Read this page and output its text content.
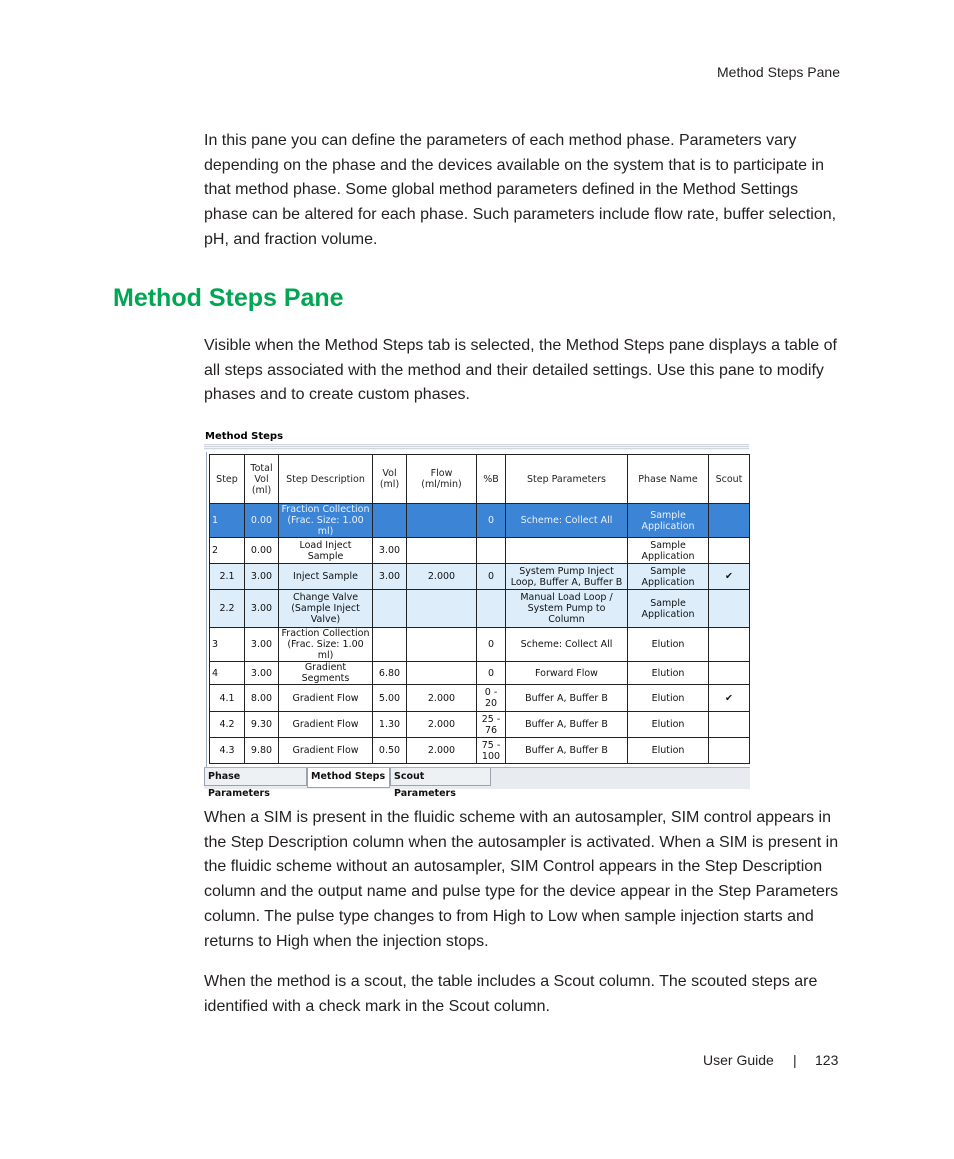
Method Steps Pane

In this pane you can define the parameters of each method phase. Parameters vary depending on the phase and the devices available on the system that is to participate in that method phase. Some global method parameters defined in the Method Settings phase can be altered for each phase. Such parameters include flow rate, buffer selection, pH, and fraction volume.

Method Steps Pane

Visible when the Method Steps tab is selected, the Method Steps pane displays a table of all steps associated with the method and their detailed settings. Use this pane to modify phases and to create custom phases.

Method Steps
Step	Total Vol (ml)	Step Description	Vol (ml)	Flow (ml/min)	%B	Step Parameters	Phase Name	Scout
1	0.00	Fraction Collection (Frac. Size: 1.00 ml)			0	Scheme: Collect All	Sample Application	
2	0.00	Load Inject Sample	3.00				Sample Application	
2.1	3.00	Inject Sample	3.00	2.000	0	System Pump Inject Loop, Buffer A, Buffer B	Sample Application	✔
2.2	3.00	Change Valve (Sample Inject Valve)				Manual Load Loop / System Pump to Column	Sample Application	
3	3.00	Fraction Collection (Frac. Size: 1.00 ml)			0	Scheme: Collect All	Elution	
4	3.00	Gradient Segments	6.80		0	Forward Flow	Elution	
4.1	8.00	Gradient Flow	5.00	2.000	0 - 20	Buffer A, Buffer B	Elution	✔
4.2	9.30	Gradient Flow	1.30	2.000	25 - 76	Buffer A, Buffer B	Elution	
4.3	9.80	Gradient Flow	0.50	2.000	75 - 100	Buffer A, Buffer B	Elution	
Phase Parameters
Method Steps Scout Parameters

When a SIM is present in the fluidic scheme with an autosampler, SIM control appears in the Step Description column when the autosampler is activated. When a SIM is present in the fluidic scheme without an autosampler, SIM Control appears in the Step Description column and the output name and pulse type for the device appear in the Step Parameters column. The pulse type changes to from High to Low when sample injection starts and returns to High when the injection stops.

When the method is a scout, the table includes a Scout column. The scouted steps are identified with a check mark in the Scout column.

User Guide | 123
